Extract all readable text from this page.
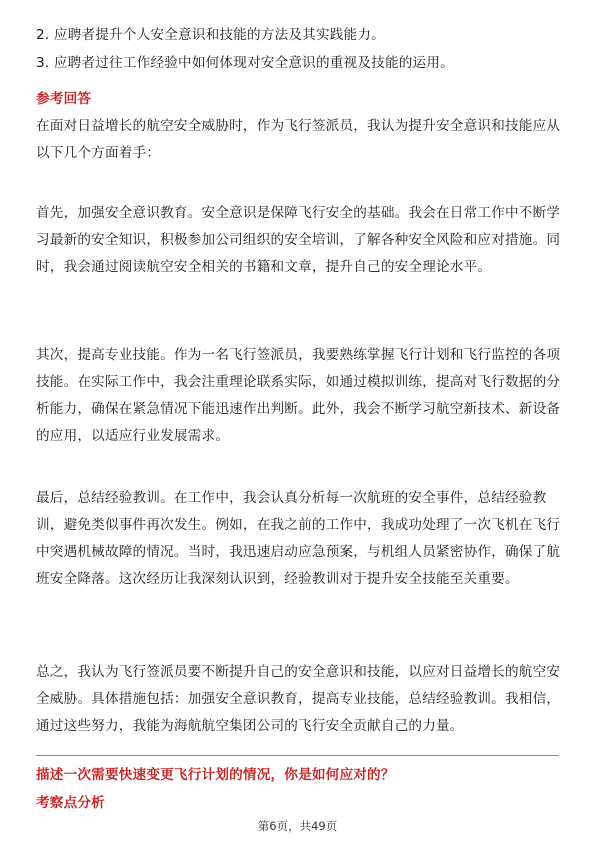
2. 应聘者提升个人安全意识和技能的方法及其实践能力。

3. 应聘者过往工作经验中如何体现对安全意识的重视及技能的运用。

参考回答

在面对日益增长的航空安全威胁时，作为飞行签派员，我认为提升安全意识和技能应从以下几个方面着手：

首先，加强安全意识教育。安全意识是保障飞行安全的基础。我会在日常工作中不断学习最新的安全知识，积极参加公司组织的安全培训，了解各种安全风险和应对措施。同时，我会通过阅读航空安全相关的书籍和文章，提升自己的安全理论水平。

其次，提高专业技能。作为一名飞行签派员，我要熟练掌握飞行计划和飞行监控的各项技能。在实际工作中，我会注重理论联系实际，如通过模拟训练，提高对飞行数据的分析能力，确保在紧急情况下能迅速作出判断。此外，我会不断学习航空新技术、新设备的应用，以适应行业发展需求。

最后，总结经验教训。在工作中，我会认真分析每一次航班的安全事件，总结经验教训，避免类似事件再次发生。例如，在我之前的工作中，我成功处理了一次飞机在飞行中突遇机械故障的情况。当时，我迅速启动应急预案，与机组人员紧密协作，确保了航班安全降落。这次经历让我深刻认识到，经验教训对于提升安全技能至关重要。

总之，我认为飞行签派员要不断提升自己的安全意识和技能，以应对日益增长的航空安全威胁。具体措施包括：加强安全意识教育，提高专业技能，总结经验教训。我相信，通过这些努力，我能为海航航空集团公司的飞行安全贡献自己的力量。

描述一次需要快速变更飞行计划的情况，你是如何应对的？

考察点分析

第6页，共49页
